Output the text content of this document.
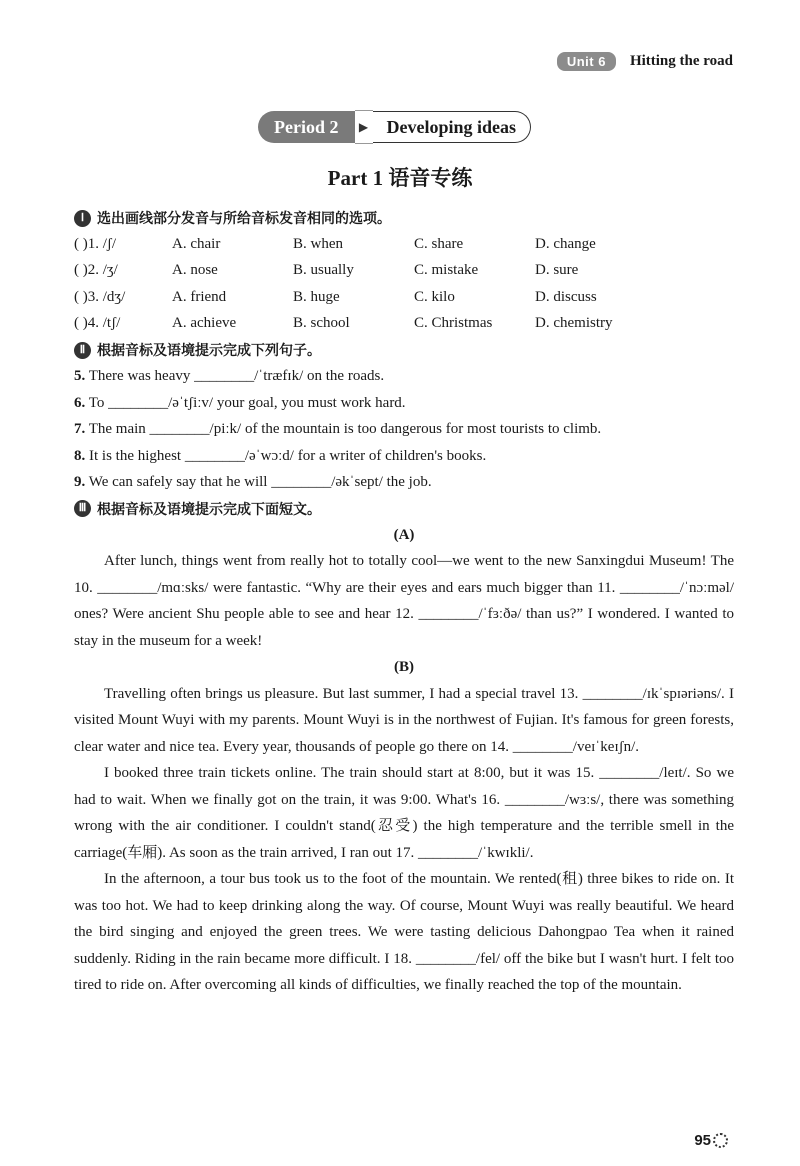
Unit 6	Hitting the road
Period 2	▶	Developing ideas
Part 1 语音专练
Ⅰ 选出画线部分发音与所给音标发音相同的选项。
( )1. /ʃ/	A. chair	B. when	C. share	D. change
( )2. /ʒ/	A. nose	B. usually	C. mistake	D. sure
( )3. /dʒ/	A. friend	B. huge	C. kilo	D. discuss
( )4. /tʃ/	A. achieve	B. school	C. Christmas	D. chemistry
Ⅱ 根据音标及语境提示完成下列句子。
5. There was heavy ________/ˈtræfɪk/ on the roads.
6. To ________/əˈtʃiːv/ your goal, you must work hard.
7. The main ________/piːk/ of the mountain is too dangerous for most tourists to climb.
8. It is the highest ________/əˈwɔːd/ for a writer of children's books.
9. We can safely say that he will ________/əkˈsept/ the job.
Ⅲ 根据音标及语境提示完成下面短文。
(A)

After lunch, things went from really hot to totally cool—we went to the new Sanxingdui Museum! The 10. ________/mɑːsks/ were fantastic. “Why are their eyes and ears much bigger than 11. ________/ˈnɔːməl/ ones? Were ancient Shu people able to see and hear 12. ________/ˈfɜːðə/ than us?” I wondered. I wanted to stay in the museum for a week!

(B)

Travelling often brings us pleasure. But last summer, I had a special travel 13. ________/ɪkˈspɪəriəns/. I visited Mount Wuyi with my parents. Mount Wuyi is in the northwest of Fujian. It's famous for green forests, clear water and nice tea. Every year, thousands of people go there on 14. ________/veɪˈkeɪʃn/.

I booked three train tickets online. The train should start at 8:00, but it was 15. ________/leɪt/. So we had to wait. When we finally got on the train, it was 9:00. What's 16. ________/wɜːs/, there was something wrong with the air conditioner. I couldn't stand(忍受) the high temperature and the terrible smell in the carriage(车厢). As soon as the train arrived, I ran out 17. ________/ˈkwɪkli/.

In the afternoon, a tour bus took us to the foot of the mountain. We rented(租) three bikes to ride on. It was too hot. We had to keep drinking along the way. Of course, Mount Wuyi was really beautiful. We heard the bird singing and enjoyed the green trees. We were tasting delicious Dahongpao Tea when it rained suddenly. Riding in the rain became more difficult. I 18. ________/fel/ off the bike but I wasn't hurt. I felt too tired to ride on. After overcoming all kinds of difficulties, we finally reached the top of the mountain.

95
